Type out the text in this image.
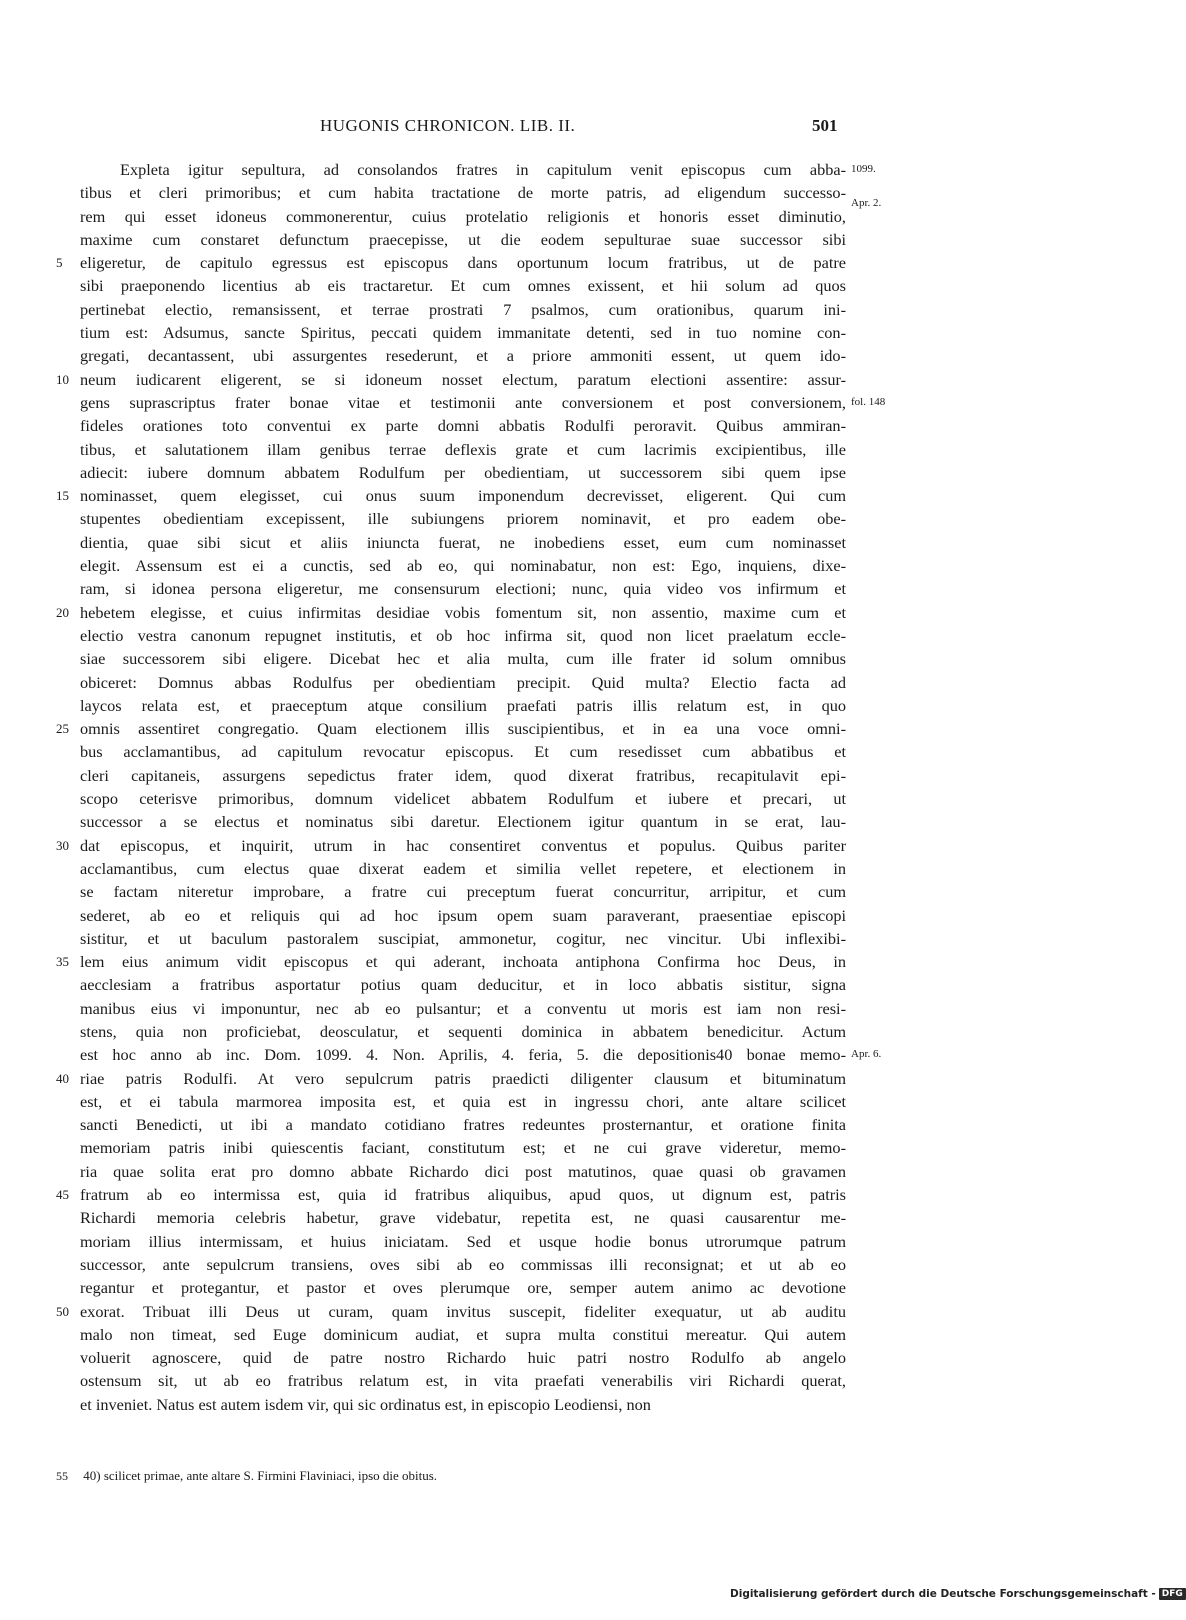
HUGONIS CHRONICON. LIB. II.	501
Expleta igitur sepultura, ad consolandos fratres in capitulum venit episcopus cum abba- 1099.
tibus et cleri primoribus; et cum habita tractatione de morte patris, ad eligendum successo-
Apr. 2.
rem qui esset idoneus commonerentur, cuius protelatio religionis et honoris esset diminutio,
maxime cum constaret defunctum praecepisse, ut die eodem sepulturae suae successor sibi
5	eligeretur, de capitulo egressus est episcopus dans oportunum locum fratribus, ut de patre
sibi praeponendo licentius ab eis tractaretur. Et cum omnes exissent, et hii solum ad quos
pertinebat electio, remansissent, et terrae prostrati 7 psalmos, cum orationibus, quarum ini-
tium est: Adsumus, sancte Spiritus, peccati quidem immanitate detenti, sed in tuo nomine con-
gregati, decantassent, ubi assurgentes resederunt, et a priore ammoniti essent, ut quem ido-
10 neum iudicarent eligerent, se si idoneum nosset electum, paratum electioni assentire: assur-
gens suprascriptus frater bonae vitae et testimonii ante conversionem et post conversionem, fol. 148
fideles orationes toto conventui ex parte domni abbatis Rodulfi peroravit. Quibus ammiran-
tibus, et salutationem illam genibus terrae deflexis grate et cum lacrimis excipientibus, ille
adiecit: iubere domnum abbatem Rodulfum per obedientiam, ut successorem sibi quem ipse
15 nominasset, quem elegisset, cui onus suum imponendum decrevisset, eligerent. Qui cum
stupentes obedientiam excepissent, ille subiungens priorem nominavit, et pro eadem obe-
dientia, quae sibi sicut et aliis iniuncta fuerat, ne inobediens esset, eum cum nominasset
elegit. Assensum est ei a cunctis, sed ab eo, qui nominabatur, non est: Ego, inquiens, dixe-
ram, si idonea persona eligeretur, me consensurum electioni; nunc, quia video vos infirmum et
20 hebetem elegisse, et cuius infirmitas desidiae vobis fomentum sit, non assentio, maxime cum et
electio vestra canonum repugnet institutis, et ob hoc infirma sit, quod non licet praelatum eccle-
siae successorem sibi eligere. Dicebat hec et alia multa, cum ille frater id solum omnibus
obiceret: Domnus abbas Rodulfus per obedientiam precipit. Quid multa? Electio facta ad
laycos relata est, et praeceptum atque consilium praefati patris illis relatum est, in quo
25 omnis assentiret congregatio. Quam electionem illis suscipientibus, et in ea una voce omni-
bus acclamantibus, ad capitulum revocatur episcopus. Et cum resedisset cum abbatibus et
cleri capitaneis, assurgens sepedictus frater idem, quod dixerat fratribus, recapitulavit epi-
scopo ceterisve primoribus, domnum videlicet abbatem Rodulfum et iubere et precari, ut
successor a se electus et nominatus sibi daretur. Electionem igitur quantum in se erat, lau-
30 dat episcopus, et inquirit, utrum in hac consentiret conventus et populus. Quibus pariter
acclamantibus, cum electus quae dixerat eadem et similia vellet repetere, et electionem in
se factam niteretur improbare, a fratre cui preceptum fuerat concurritur, arripitur, et cum
sederet, ab eo et reliquis qui ad hoc ipsum opem suam paraverant, praesentiae episcopi
sistitur, et ut baculum pastoralem suscipiat, ammonetur, cogitur, nec vincitur. Ubi inflexibi-
35 lem eius animum vidit episcopus et qui aderant, inchoata antiphona Confirma hoc Deus, in
aecclesiam a fratribus asportatur potius quam deducitur, et in loco abbatis sistitur, signa
manibus eius vi imponuntur, nec ab eo pulsantur; et a conventu ut moris est iam non resi-
stens, quia non proficiebat, deosculatur, et sequenti dominica in abbatem benedicitur. Actum
est hoc anno ab inc. Dom. 1099. 4. Non. Aprilis, 4. feria, 5. die depositionis40 bonae memo- Apr. 6.
40 riae patris Rodulfi. At vero sepulcrum patris praedicti diligenter clausum et bituminatum
est, et ei tabula marmorea imposita est, et quia est in ingressu chori, ante altare scilicet
sancti Benedicti, ut ibi a mandato cotidiano fratres redeuntes prosternantur, et oratione finita
memoriam patris inibi quiescentis faciant, constitutum est; et ne cui grave videretur, memo-
ria quae solita erat pro domno abbate Richardo dici post matutinos, quae quasi ob gravamen
45 fratrum ab eo intermissa est, quia id fratribus aliquibus, apud quos, ut dignum est, patris
Richardi memoria celebris habetur, grave videbatur, repetita est, ne quasi causarentur me-
moriam illius intermissam, et huius iniciatam. Sed et usque hodie bonus utrorumque patrum
successor, ante sepulcrum transiens, oves sibi ab eo commissas illi reconsignat; et ut ab eo
regantur et protegantur, et pastor et oves plerumque ore, semper autem animo ac devotione
50 exorat. Tribuat illi Deus ut curam, quam invitus suscepit, fideliter exequatur, ut ab auditu
malo non timeat, sed Euge dominicum audiat, et supra multa constitui mereatur. Qui autem
voluerit agnoscere, quid de patre nostro Richardo huic patri nostro Rodulfo ab angelo
ostensum sit, ut ab eo fratribus relatum est, in vita praefati venerabilis viri Richardi querat,
et inveniet. Natus est autem isdem vir, qui sic ordinatus est, in episcopio Leodiensi, non
55 40) scilicet primae, ante altare S. Firmini Flaviniaci, ipso die obitus.
Digitalisierung gefördert durch die Deutsche Forschungsgemeinschaft - DFG
